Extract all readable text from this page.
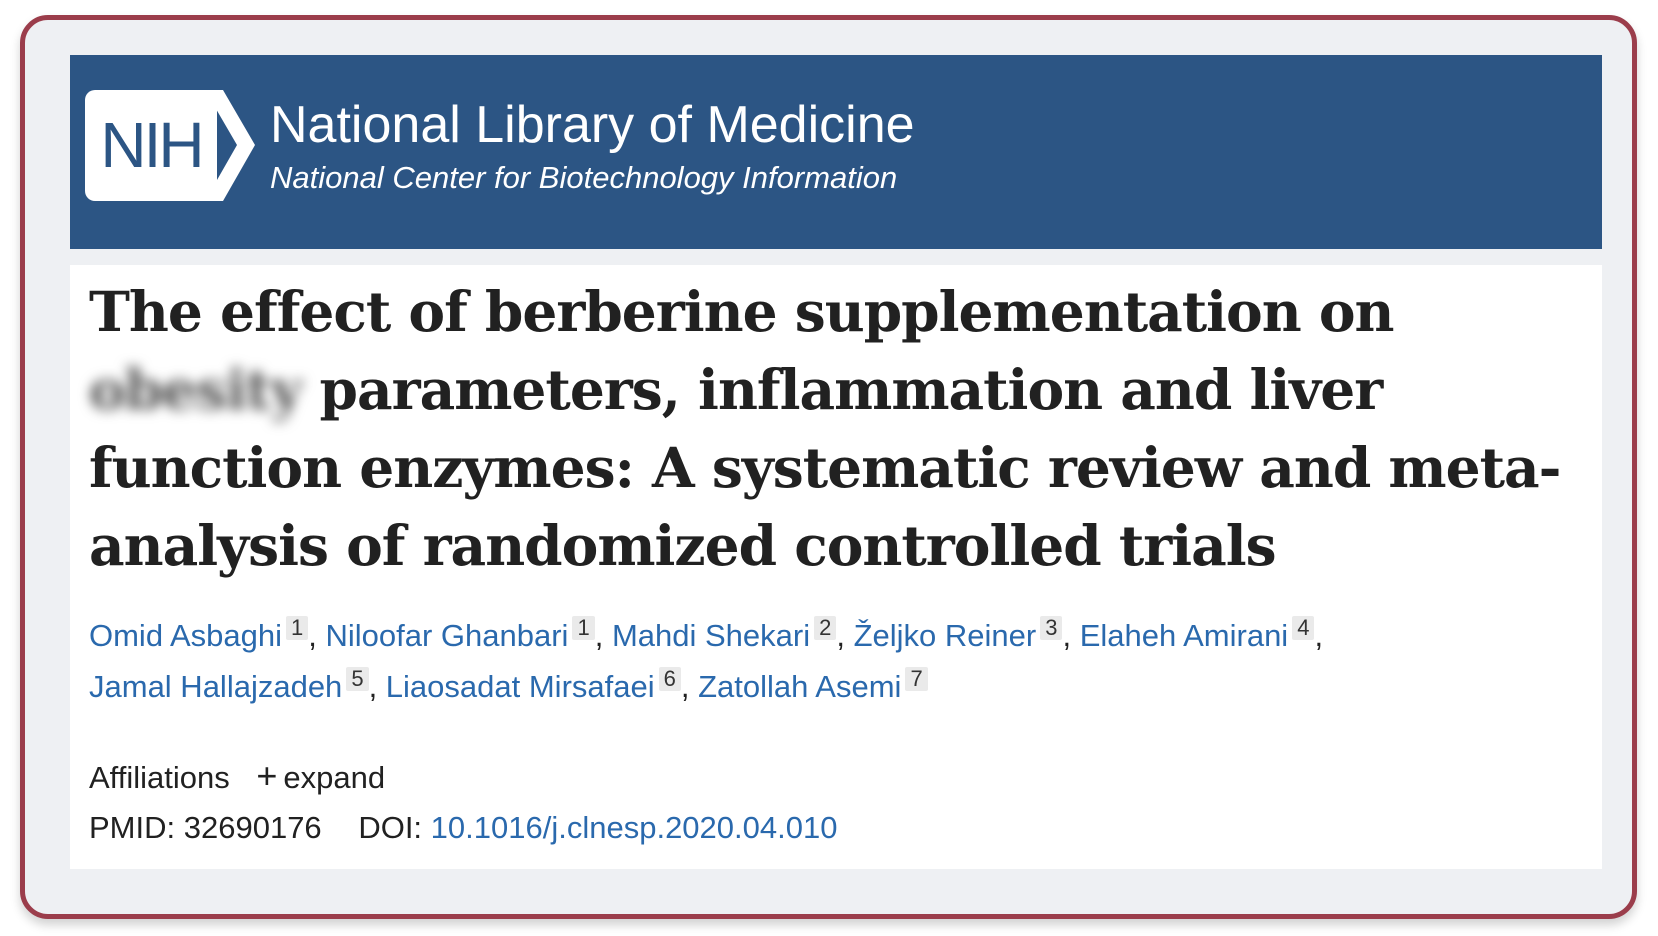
NIH National Library of Medicine
National Center for Biotechnology Information
The effect of berberine supplementation on obesity parameters, inflammation and liver function enzymes: A systematic review and meta-analysis of randomized controlled trials
Omid Asbaghi 1 , Niloofar Ghanbari 1 , Mahdi Shekari 2 , Željko Reiner 3 , Elaheh Amirani 4 ,
Jamal Hallajzadeh 5 , Liaosadat Mirsafaei 6 , Zatollah Asemi 7
Affiliations + expand
PMID: 32690176 DOI: 10.1016/j.clnesp.2020.04.010
